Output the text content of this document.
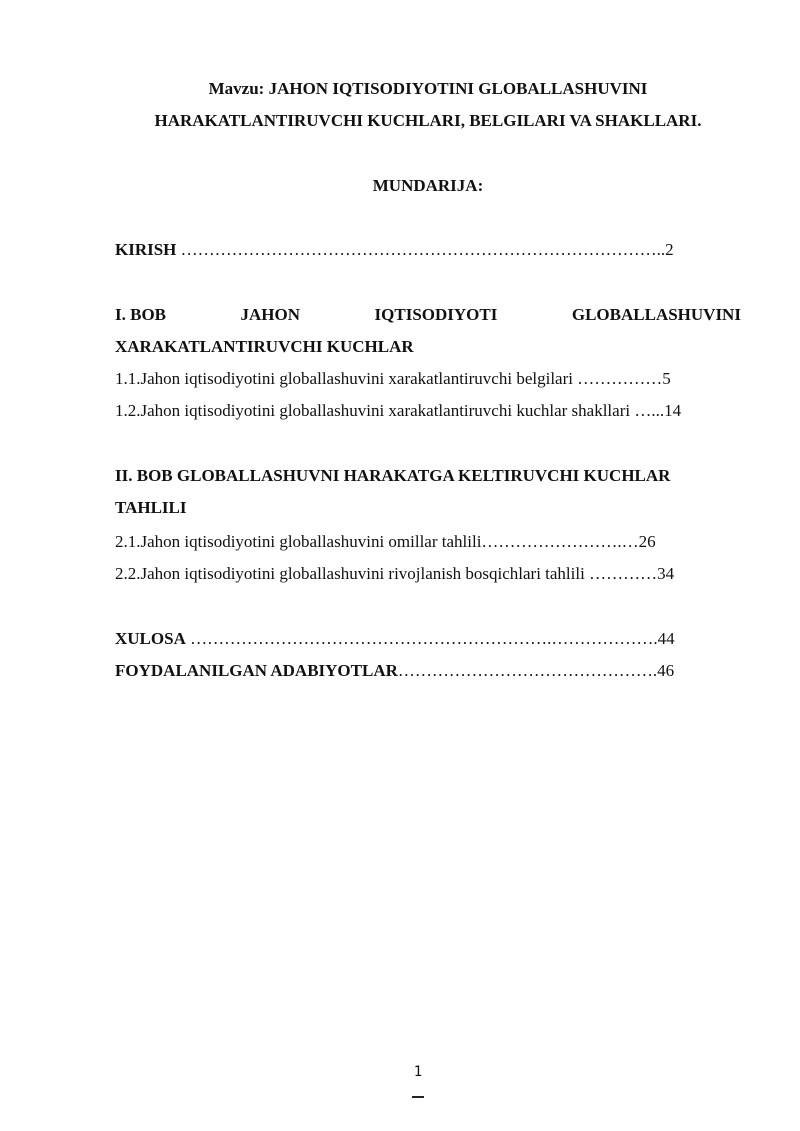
Mavzu: JAHON IQTISODIYOTINI GLOBALLASHUVINI
HARAKATLANTIRUVCHI KUCHLARI, BELGILARI VA SHAKLLARI.
MUNDARIJA:
KIRISH …………………………………………………………………………..2
I. BOB	JAHON	IQTISODIYOTI	GLOBALLASHUVINI
XARAKATLANTIRUVCHI KUCHLAR
1.1.Jahon iqtisodiyotini globallashuvini xarakatlantiruvchi belgilari ……………5
1.2.Jahon iqtisodiyotini globallashuvini xarakatlantiruvchi kuchlar shakllari …...14
II. BOB GLOBALLASHUVNI HARAKATGA KELTIRUVCHI KUCHLAR
TAHLILI
2.1.Jahon iqtisodiyotini globallashuvini omillar tahlili…………………….…26
2.2.Jahon iqtisodiyotini globallashuvini rivojlanish bosqichlari tahlili …………34
XULOSA ……………………………………………………….……………….44
FOYDALANILGAN ADABIYOTLAR……………………………………….46
1
